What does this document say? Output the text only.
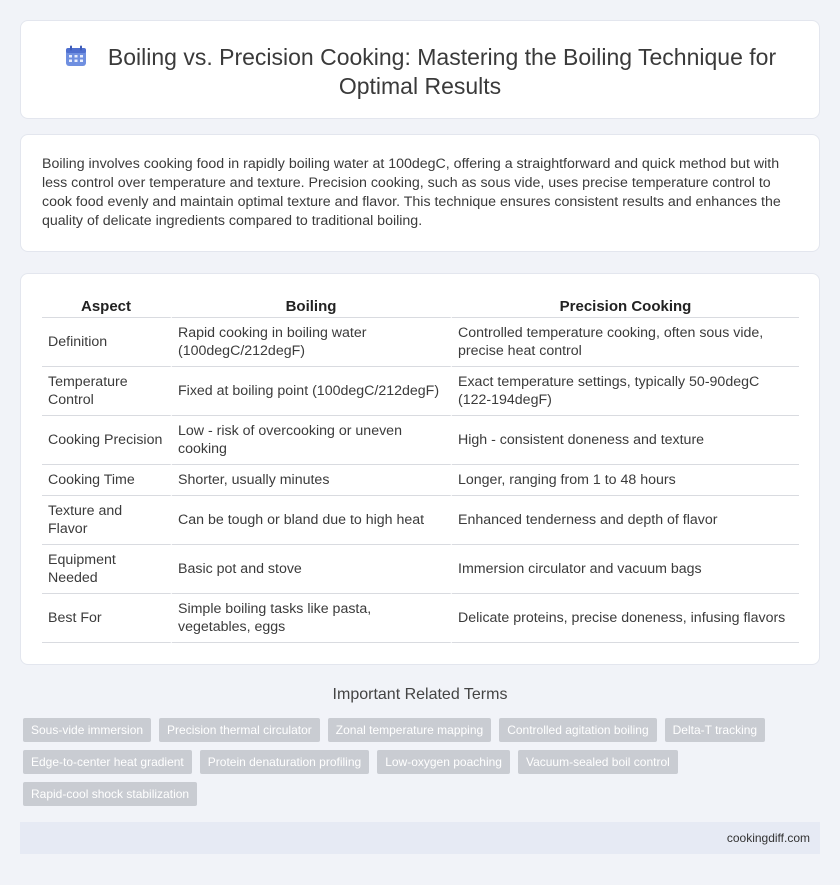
Boiling vs. Precision Cooking: Mastering the Boiling Technique for Optimal Results

Boiling involves cooking food in rapidly boiling water at 100degC, offering a straightforward and quick method but with less control over temperature and texture. Precision cooking, such as sous vide, uses precise temperature control to cook food evenly and maintain optimal texture and flavor. This technique ensures consistent results and enhances the quality of delicate ingredients compared to traditional boiling.

Aspect	Boiling	Precision Cooking
Definition	Rapid cooking in boiling water (100degC/212degF)	Controlled temperature cooking, often sous vide, precise heat control
Temperature Control	Fixed at boiling point (100degC/212degF)	Exact temperature settings, typically 50-90degC (122-194degF)
Cooking Precision	Low - risk of overcooking or uneven cooking	High - consistent doneness and texture
Cooking Time	Shorter, usually minutes	Longer, ranging from 1 to 48 hours
Texture and Flavor	Can be tough or bland due to high heat	Enhanced tenderness and depth of flavor
Equipment Needed	Basic pot and stove	Immersion circulator and vacuum bags
Best For	Simple boiling tasks like pasta, vegetables, eggs	Delicate proteins, precise doneness, infusing flavors
Important Related Terms
Sous-vide immersion	Precision thermal circulator	Zonal temperature mapping	Controlled agitation boiling	Delta-T tracking
Edge-to-center heat gradient	Protein denaturation profiling	Low-oxygen poaching	Vacuum-sealed boil control
Rapid-cool shock stabilization
cookingdiff.com
